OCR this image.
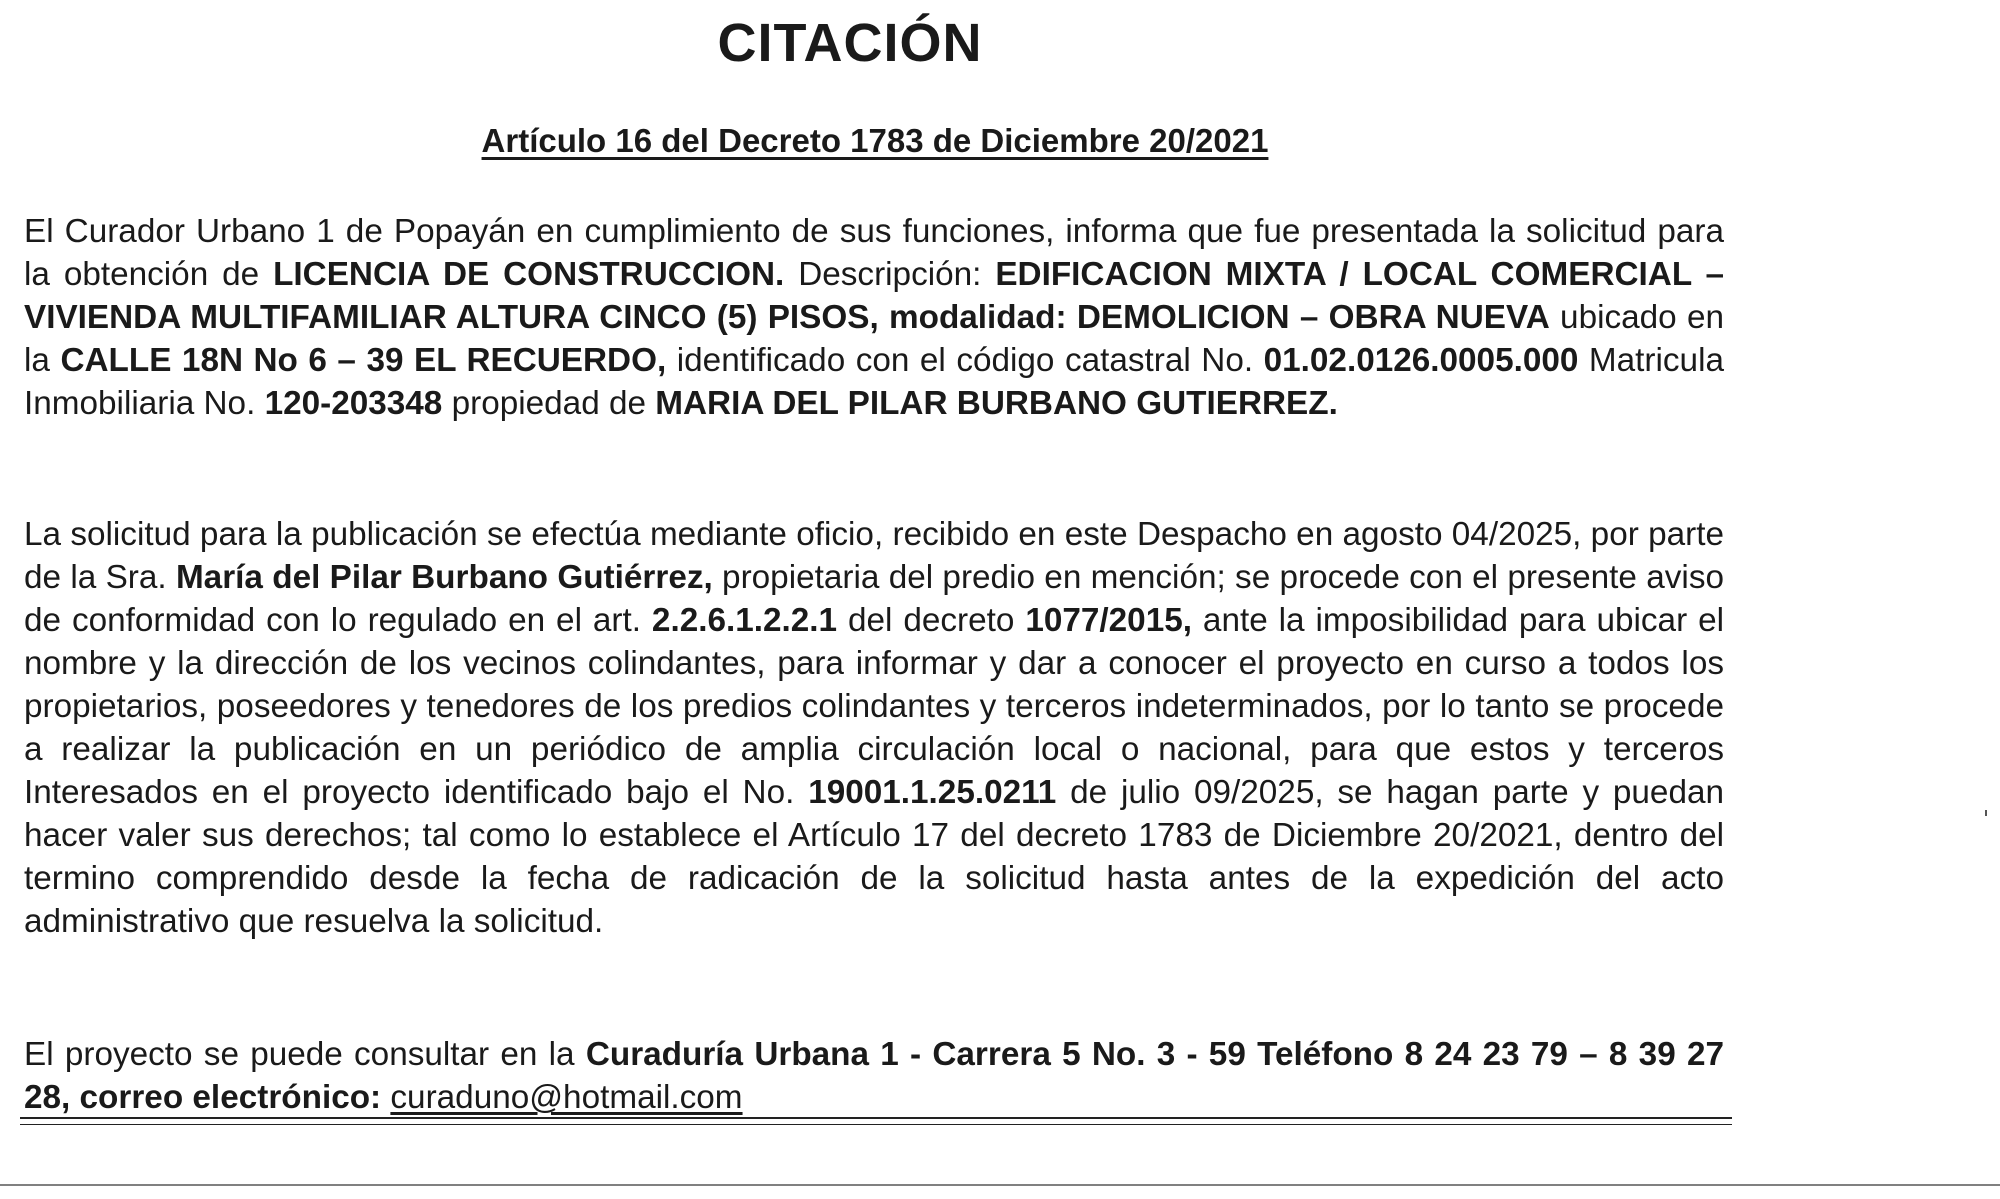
CITACIÓN
Artículo 16 del Decreto 1783 de Diciembre 20/2021

El Curador Urbano 1 de Popayán en cumplimiento de sus funciones, informa que fue presentada la solicitud para la obtención de LICENCIA DE CONSTRUCCION. Descripción: EDIFICACION MIXTA / LOCAL COMERCIAL – VIVIENDA MULTIFAMILIAR ALTURA CINCO (5) PISOS, modalidad: DEMOLICION – OBRA NUEVA ubicado en la CALLE 18N No 6 – 39 EL RECUERDO, identificado con el código catastral No. 01.02.0126.0005.000 Matricula Inmobiliaria No. 120-203348 propiedad de MARIA DEL PILAR BURBANO GUTIERREZ.

La solicitud para la publicación se efectúa mediante oficio, recibido en este Despacho en agosto 04/2025, por parte de la Sra. María del Pilar Burbano Gutiérrez, propietaria del predio en mención; se procede con el presente aviso de conformidad con lo regulado en el art. 2.2.6.1.2.2.1 del decreto 1077/2015, ante la imposibilidad para ubicar el nombre y la dirección de los vecinos colindantes, para informar y dar a conocer el proyecto en curso a todos los propietarios, poseedores y tenedores de los predios colindantes y terceros indeterminados, por lo tanto se procede a realizar la publicación en un periódico de amplia circulación local o nacional, para que estos y terceros Interesados en el proyecto identificado bajo el No. 19001.1.25.0211 de julio 09/2025, se hagan parte y puedan hacer valer sus derechos; tal como lo establece el Artículo 17 del decreto 1783 de Diciembre 20/2021, dentro del termino comprendido desde la fecha de radicación de la solicitud hasta antes de la expedición del acto administrativo que resuelva la solicitud.

El proyecto se puede consultar en la Curaduría Urbana 1 - Carrera 5 No. 3 - 59 Teléfono 8 24 23 79 – 8 39 27 28, correo electrónico: curaduno@hotmail.com
